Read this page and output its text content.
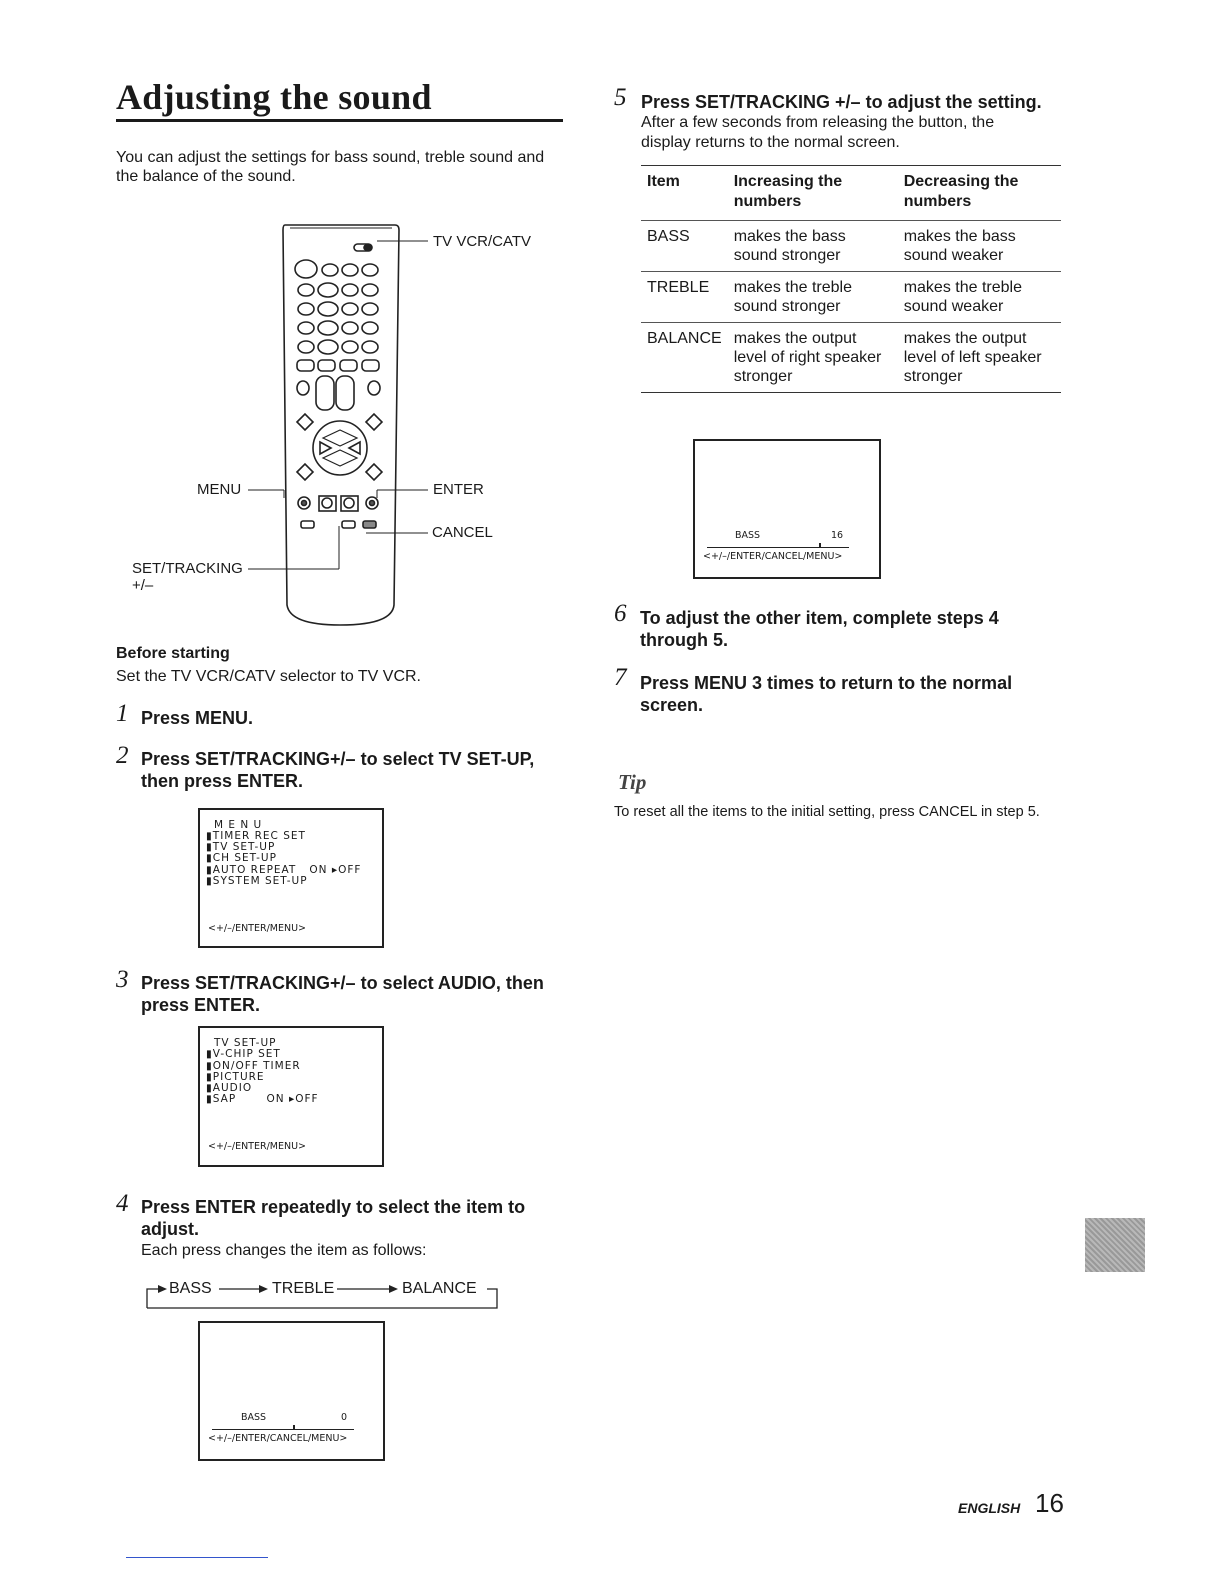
Adjusting the sound
You can adjust the settings for bass sound, treble sound and the balance of the sound.
TV VCR/CATV
MENU	ENTER
CANCEL
SET/TRACKING
+/–
Before starting
Set the TV VCR/CATV selector to TV VCR.
1 Press MENU.
2 Press SET/TRACKING+/– to select TV SET-UP, then press ENTER.
M E N U
▮TIMER REC SET
▮TV SET-UP
▮CH SET-UP
▮AUTO REPEAT   ON ▸OFF
▮SYSTEM SET-UP
<+/–/ENTER/MENU>
3 Press SET/TRACKING+/– to select AUDIO, then press ENTER.
TV SET-UP
▮V-CHIP SET
▮ON/OFF TIMER
▮PICTURE
▮AUDIO
▮SAP       ON ▸OFF
<+/–/ENTER/MENU>
4 Press ENTER repeatedly to select the item to adjust.
Each press changes the item as follows:
BASS	TREBLE	BALANCE
BASS	0
<+/–/ENTER/CANCEL/MENU>
5 Press SET/TRACKING +/– to adjust the setting.
After a few seconds from releasing the button, the display returns to the normal screen.
Item	Increasing the numbers	Decreasing the numbers
BASS	makes the bass sound stronger	makes the bass sound weaker
TREBLE	makes the treble sound stronger	makes the treble sound weaker
BALANCE	makes the output level of right speaker stronger	makes the output level of left speaker stronger
BASS	16
<+/–/ENTER/CANCEL/MENU>
6 To adjust the other item, complete steps 4 through 5.
7 Press MENU 3 times to return to the normal screen.
Tip
To reset all the items to the initial setting, press CANCEL in step 5.
ENGLISH 16
